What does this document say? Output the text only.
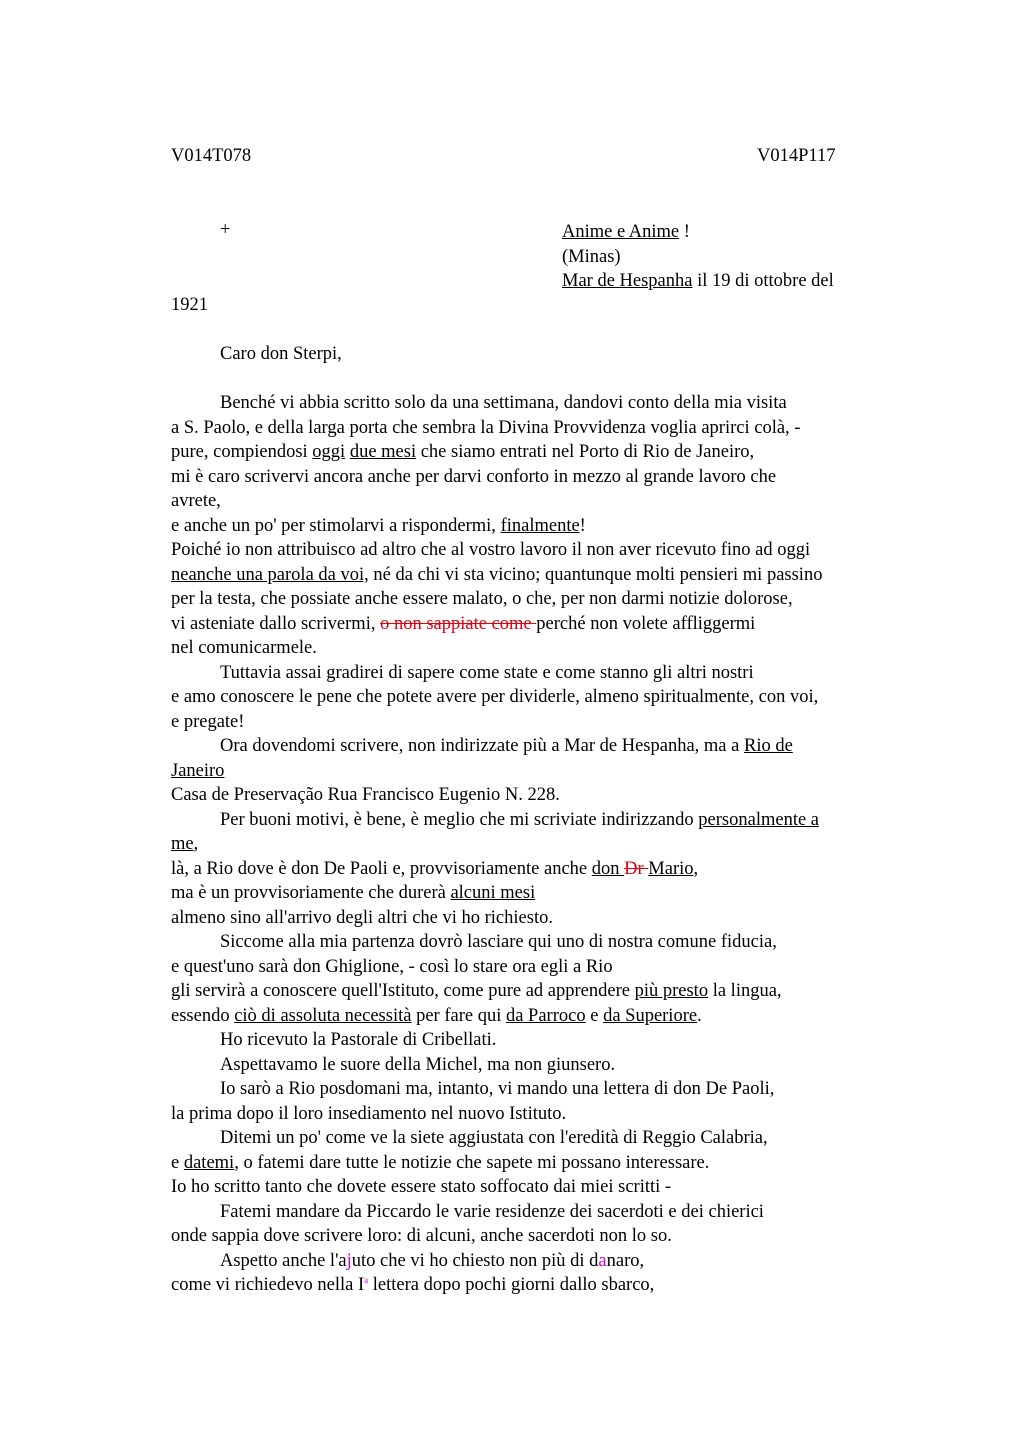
V014T078	V014P117
+	Anime e Anime !
(Minas)
Mar de Hespanha il 19 di ottobre del
1921
Caro don Sterpi,
Benché vi abbia scritto solo da una settimana, dandovi conto della mia visita
a S. Paolo, e della larga porta che sembra la Divina Provvidenza voglia aprirci colà, -
pure, compiendosi oggi due mesi che siamo entrati nel Porto di Rio de Janeiro,
mi è caro scrivervi ancora anche per darvi conforto in mezzo al grande lavoro che
avrete,
e anche un po' per stimolarvi a rispondermi, finalmente!
Poiché io non attribuisco ad altro che al vostro lavoro il non aver ricevuto fino ad oggi
neanche una parola da voi, né da chi vi sta vicino; quantunque molti pensieri mi passino
per la testa, che possiate anche essere malato, o che, per non darmi notizie dolorose,
vi asteniate dallo scrivermi, o non sappiate come perché non volete affliggermi
nel comunicarmele.
Tuttavia assai gradirei di sapere come state e come stanno gli altri nostri
e amo conoscere le pene che potete avere per dividerle, almeno spiritualmente, con voi,
e pregate!
Ora dovendomi scrivere, non indirizzate più a Mar de Hespanha, ma a Rio de
Janeiro
Casa de Preservação Rua Francisco Eugenio N. 228.
Per buoni motivi, è bene, è meglio che mi scriviate indirizzando personalmente a
me,
là, a Rio dove è don De Paoli e, provvisoriamente anche don Dr Mario,
ma è un provvisoriamente che durerà alcuni mesi
almeno sino all'arrivo degli altri che vi ho richiesto.
Siccome alla mia partenza dovrò lasciare qui uno di nostra comune fiducia,
e quest'uno sarà don Ghiglione, - così lo stare ora egli a Rio
gli servirà a conoscere quell'Istituto, come pure ad apprendere più presto la lingua,
essendo ciò di assoluta necessità per fare qui da Parroco e da Superiore.
Ho ricevuto la Pastorale di Cribellati.
Aspettavamo le suore della Michel, ma non giunsero.
Io sarò a Rio posdomani ma, intanto, vi mando una lettera di don De Paoli,
la prima dopo il loro insediamento nel nuovo Istituto.
Ditemi un po' come ve la siete aggiustata con l'eredità di Reggio Calabria,
e datemi, o fatemi dare tutte le notizie che sapete mi possano interessare.
Io ho scritto tanto che dovete essere stato soffocato dai miei scritti -
Fatemi mandare da Piccardo le varie residenze dei sacerdoti e dei chierici
onde sappia dove scrivere loro: di alcuni, anche sacerdoti non lo so.
Aspetto anche l'ajuto che vi ho chiesto non più di danaro,
come vi richiedevo nella $I^a$ lettera dopo pochi giorni dallo sbarco,
